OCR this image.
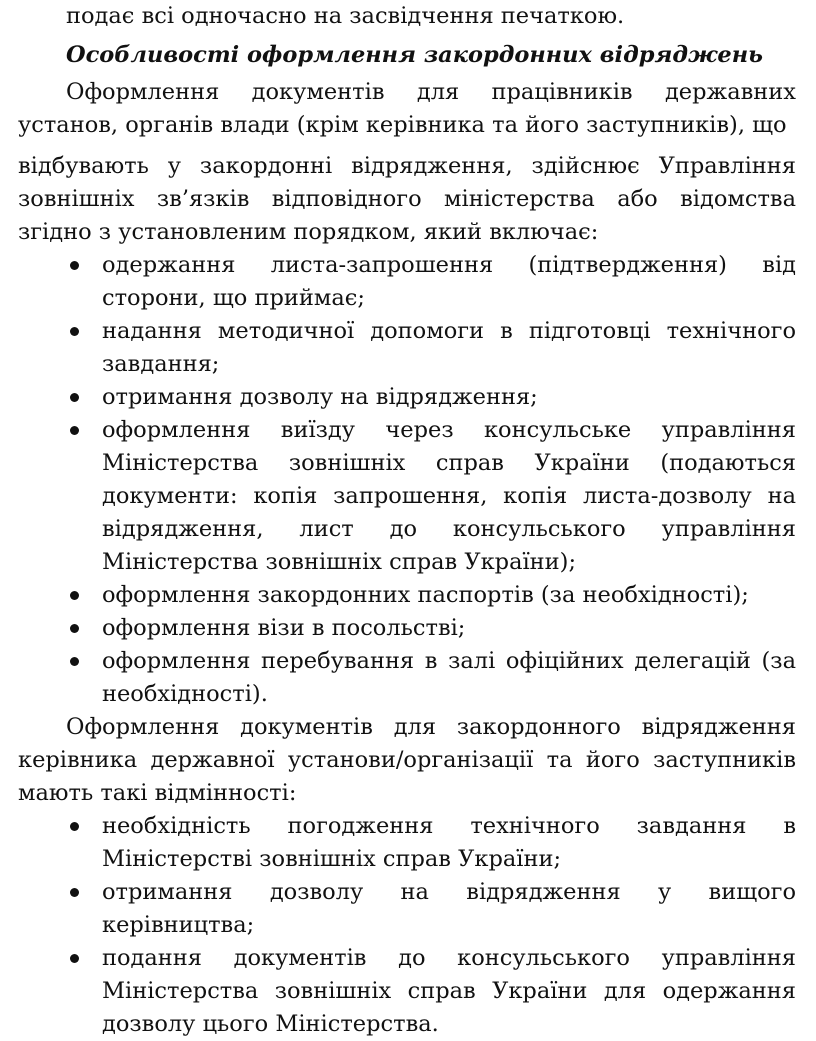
подає всі одночасно на засвідчення печаткою.

Особливості оформлення закордонних відряджень

Оформлення документів для працівників державних установ, органів влади (крім керівника та його заступників), що

відбувають у закордонні відрядження, здійснює Управління зовнішніх зв’язків відповідного міністерства або відомства згідно з установленим порядком, який включає:

одержання листа-запрошення (підтвердження) від сторони, що приймає;
надання методичної допомоги в підготовці технічного завдання;
отримання дозволу на відрядження;
оформлення виїзду через консульське управління Міністерства зовнішніх справ України (подаються документи: копія запрошення, копія листа-дозволу на відрядження, лист до консульського управління Міністерства зовнішніх справ України);
оформлення закордонних паспортів (за необхідності);
оформлення візи в посольстві;
оформлення перебування в залі офіційних делегацій (за необхідності).

Оформлення документів для закордонного відрядження керівника державної установи/організації та його заступників мають такі відмінності:

необхідність погодження технічного завдання в Міністерстві зовнішніх справ України;
отримання дозволу на відрядження у вищого керівництва;
подання документів до консульського управління Міністерства зовнішніх справ України для одержання дозволу цього Міністерства.
